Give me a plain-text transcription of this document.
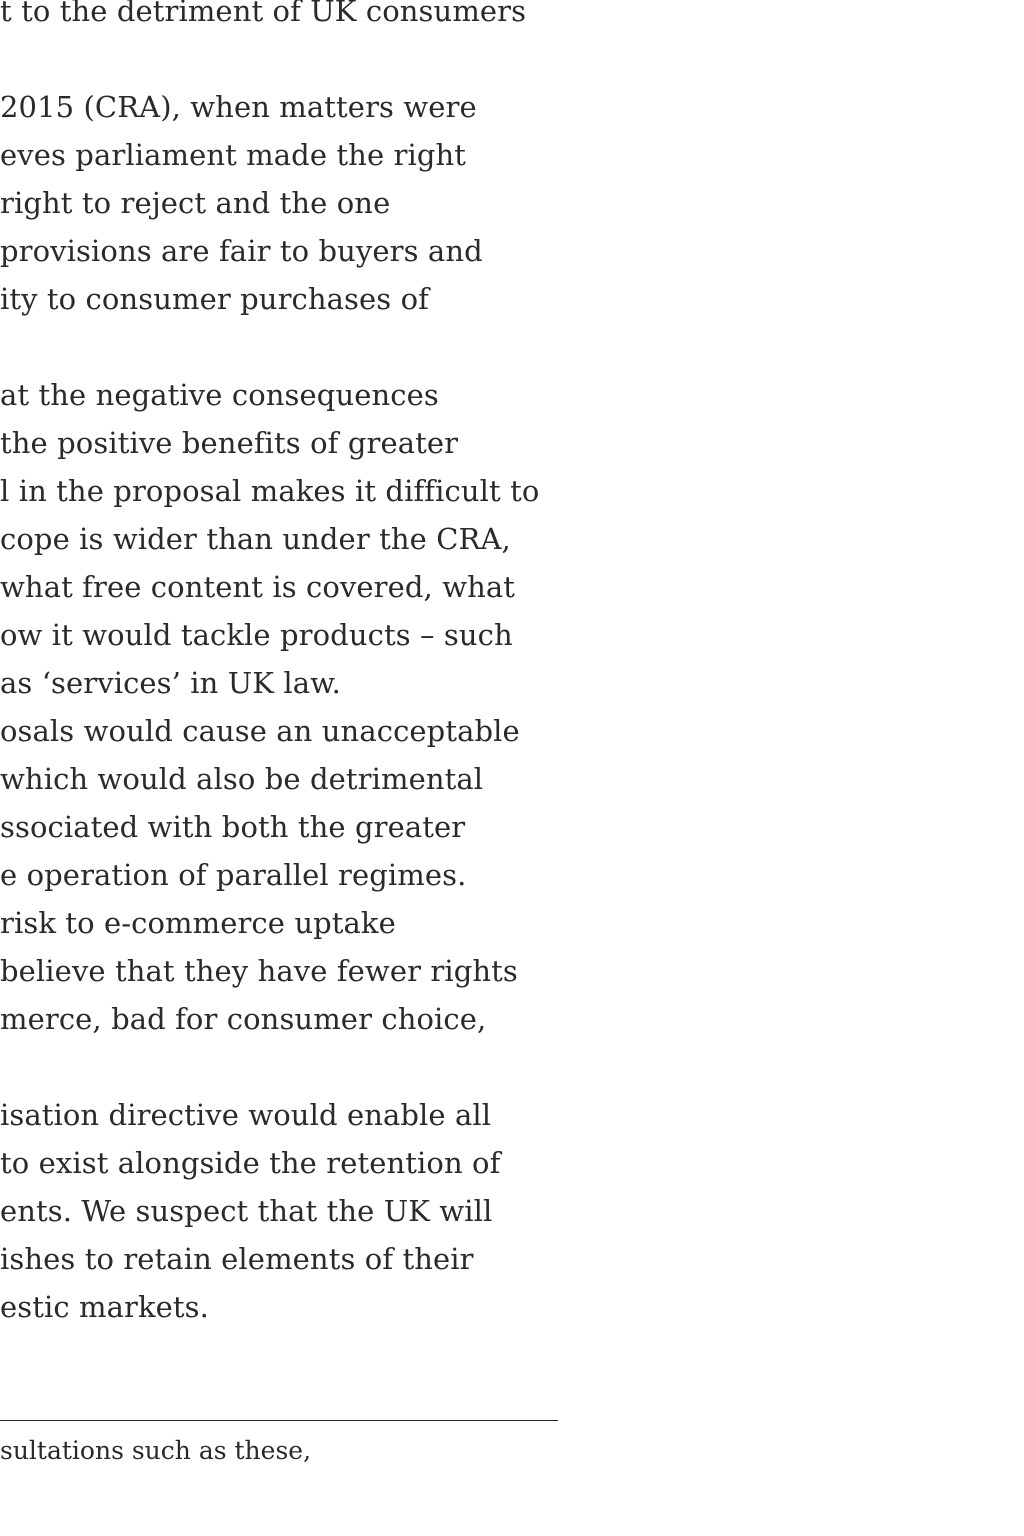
t to the detriment of UK consumers
2015 (CRA), when matters were
eves parliament made the right
right to reject and the one
provisions are fair to buyers and
ity to consumer purchases of
at the negative consequences
the positive benefits of greater
l in the proposal makes it difficult to
cope is wider than under the CRA,
what free content is covered, what
ow it would tackle products – such
as ‘services’ in UK law.
osals would cause an unacceptable
which would also be detrimental
ssociated with both the greater
e operation of parallel regimes.
risk to e-commerce uptake
believe that they have fewer rights
merce, bad for consumer choice,
isation directive would enable all
to exist alongside the retention of
ents. We suspect that the UK will
ishes to retain elements of their
estic markets.
sultations such as these,
